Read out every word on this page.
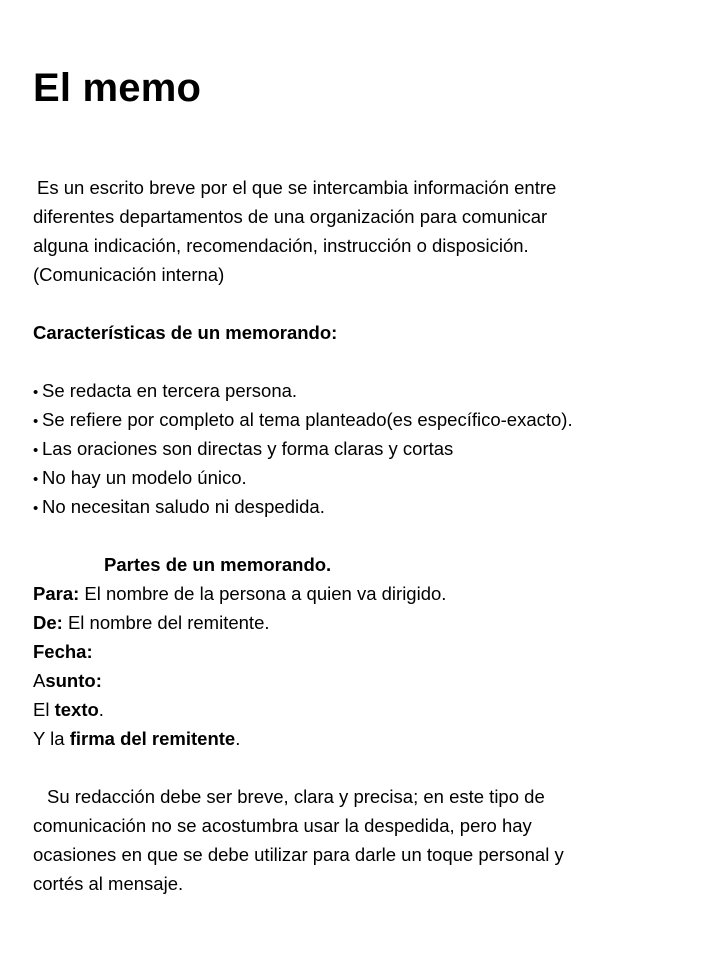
El memo
Es un escrito breve por el que se intercambia información entre
diferentes departamentos de una organización para comunicar
alguna indicación, recomendación, instrucción o disposición.
(Comunicación interna)
Características de un memorando:
• Se redacta en tercera persona.
• Se refiere por completo al tema planteado(es específico-exacto).
• Las oraciones son directas y forma claras y cortas
• No hay un modelo único.
• No necesitan saludo ni despedida.
Partes de un memorando.
Para: El nombre de la persona a quien va dirigido.
De: El nombre del remitente.
Fecha:
Asunto:
El texto.
Y la firma del remitente.
Su redacción debe ser breve, clara y precisa; en este tipo de
comunicación no se acostumbra usar la despedida, pero hay
ocasiones en que se debe utilizar para darle un toque personal y
cortés al mensaje.
